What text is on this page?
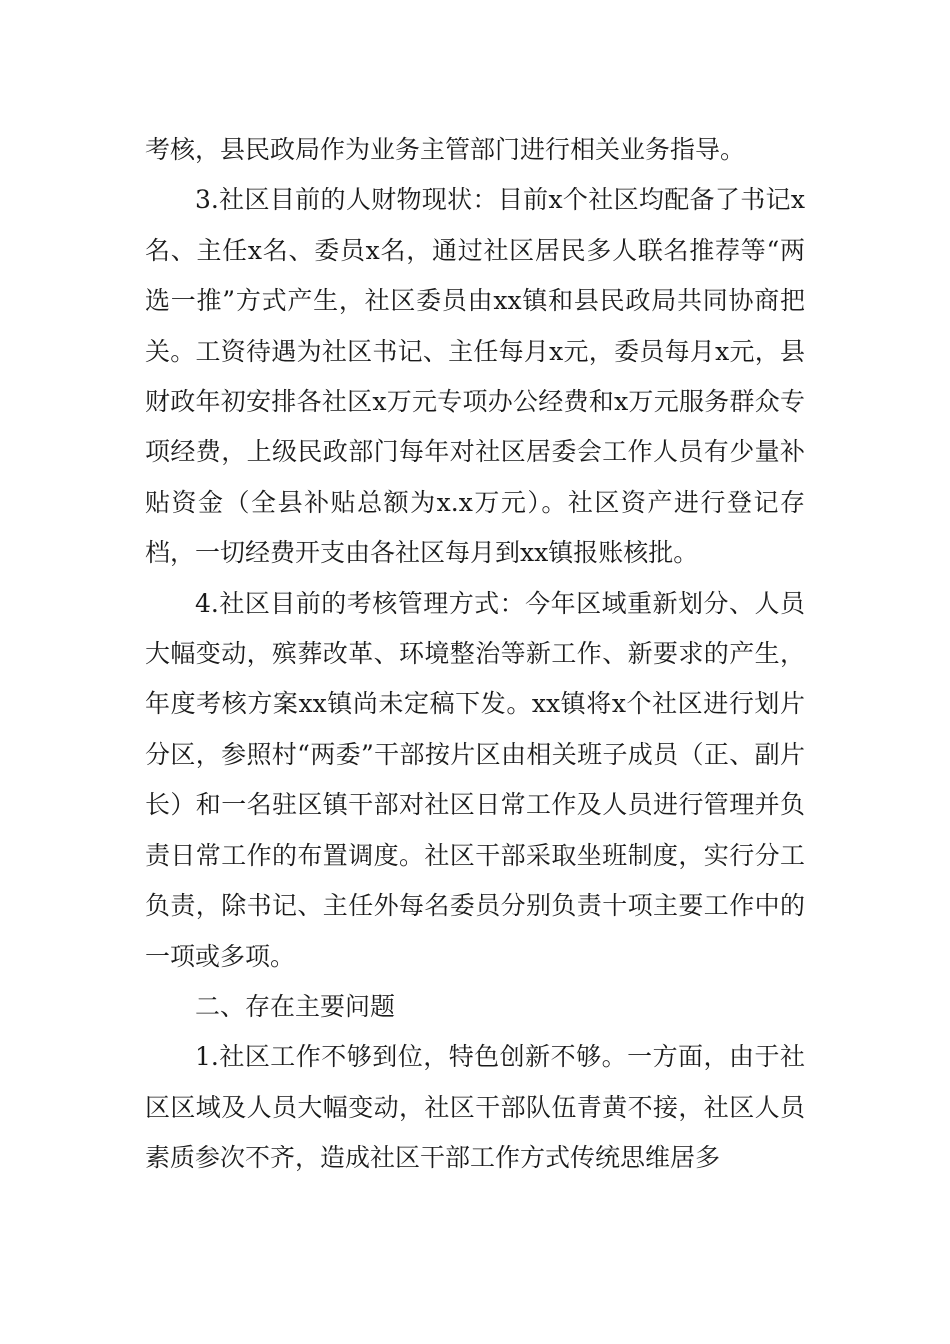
考核，县民政局作为业务主管部门进行相关业务指导。

3.社区目前的人财物现状：目前x个社区均配备了书记x名、主任x名、委员x名，通过社区居民多人联名推荐等“两选一推”方式产生，社区委员由xx镇和县民政局共同协商把关。工资待遇为社区书记、主任每月x元，委员每月x元，县财政年初安排各社区x万元专项办公经费和x万元服务群众专项经费，上级民政部门每年对社区居委会工作人员有少量补贴资金（全县补贴总额为x.x万元）。社区资产进行登记存档，一切经费开支由各社区每月到xx镇报账核批。

4.社区目前的考核管理方式：今年区域重新划分、人员大幅变动，殡葬改革、环境整治等新工作、新要求的产生，年度考核方案xx镇尚未定稿下发。xx镇将x个社区进行划片分区，参照村“两委”干部按片区由相关班子成员（正、副片长）和一名驻区镇干部对社区日常工作及人员进行管理并负责日常工作的布置调度。社区干部采取坐班制度，实行分工负责，除书记、主任外每名委员分别负责十项主要工作中的一项或多项。

二、存在主要问题

1.社区工作不够到位，特色创新不够。一方面，由于社区区域及人员大幅变动，社区干部队伍青黄不接，社区人员素质参次不齐，造成社区干部工作方式传统思维居多
